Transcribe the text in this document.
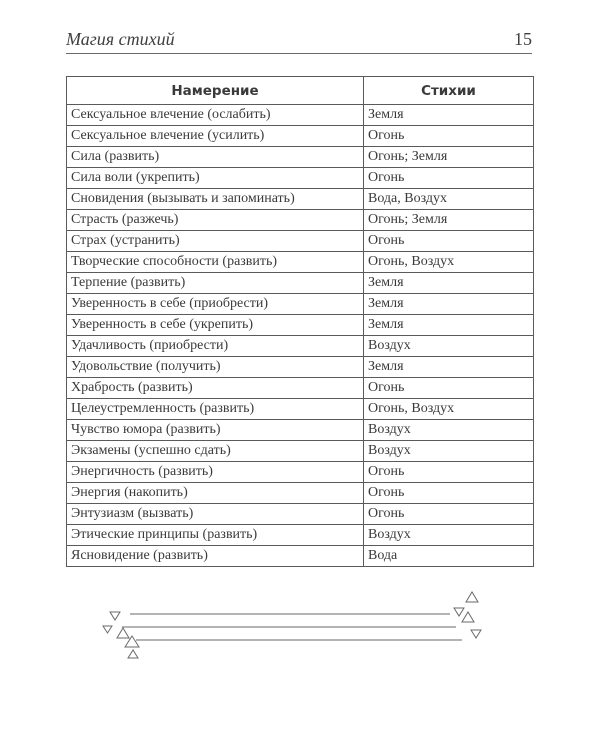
Магия стихий	15
Намерение	Стихии
Сексуальное влечение (ослабить)	Земля
Сексуальное влечение (усилить)	Огонь
Сила (развить)	Огонь; Земля
Сила воли (укрепить)	Огонь
Сновидения (вызывать и запоминать)	Вода, Воздух
Страсть (разжечь)	Огонь; Земля
Страх (устранить)	Огонь
Творческие способности (развить)	Огонь, Воздух
Терпение (развить)	Земля
Уверенность в себе (приобрести)	Земля
Уверенность в себе (укрепить)	Земля
Удачливость (приобрести)	Воздух
Удовольствие (получить)	Земля
Храбрость (развить)	Огонь
Целеустремленность (развить)	Огонь, Воздух
Чувство юмора (развить)	Воздух
Экзамены (успешно сдать)	Воздух
Энергичность (развить)	Огонь
Энергия (накопить)	Огонь
Энтузиазм (вызвать)	Огонь
Этические принципы (развить)	Воздух
Ясновидение (развить)	Вода
